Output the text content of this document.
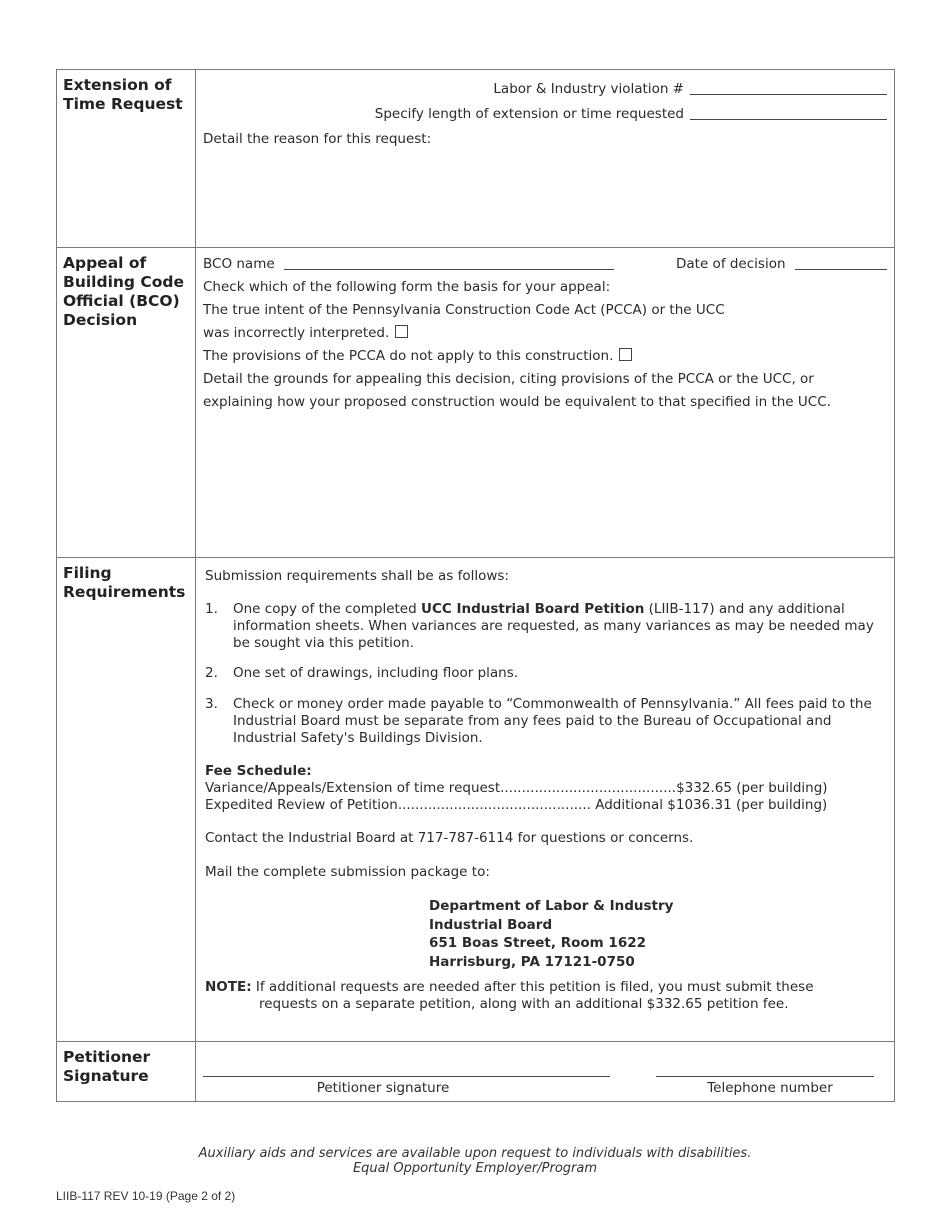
Extension of Time Request
Labor & Industry violation #
Specify length of extension or time requested
Detail the reason for this request:
Appeal of Building Code Official (BCO) Decision
BCO name	Date of decision
Check which of the following form the basis for your appeal:
The true intent of the Pennsylvania Construction Code Act (PCCA) or the UCC
was incorrectly interpreted.
The provisions of the PCCA do not apply to this construction.
Detail the grounds for appealing this decision, citing provisions of the PCCA or the UCC, or
explaining how your proposed construction would be equivalent to that specified in the UCC.
Filing Requirements
Submission requirements shall be as follows:
1. One copy of the completed UCC Industrial Board Petition (LIIB-117) and any additional information sheets. When variances are requested, as many variances as may be needed may be sought via this petition.
2. One set of drawings, including floor plans.
3. Check or money order made payable to “Commonwealth of Pennsylvania.” All fees paid to the Industrial Board must be separate from any fees paid to the Bureau of Occupational and Industrial Safety's Buildings Division.
Fee Schedule:
Variance/Appeals/Extension of time request.........................................$332.65 (per building)
Expedited Review of Petition............................................. Additional $1036.31 (per building)
Contact the Industrial Board at 717-787-6114 for questions or concerns.
Mail the complete submission package to:
Department of Labor & Industry
Industrial Board
651 Boas Street, Room 1622
Harrisburg, PA 17121-0750
NOTE: If additional requests are needed after this petition is filed, you must submit these
requests on a separate petition, along with an additional $332.65 petition fee.
Petitioner Signature
Petitioner signature	Telephone number
Auxiliary aids and services are available upon request to individuals with disabilities.
Equal Opportunity Employer/Program
LIIB-117 REV 10-19 (Page 2 of 2)
